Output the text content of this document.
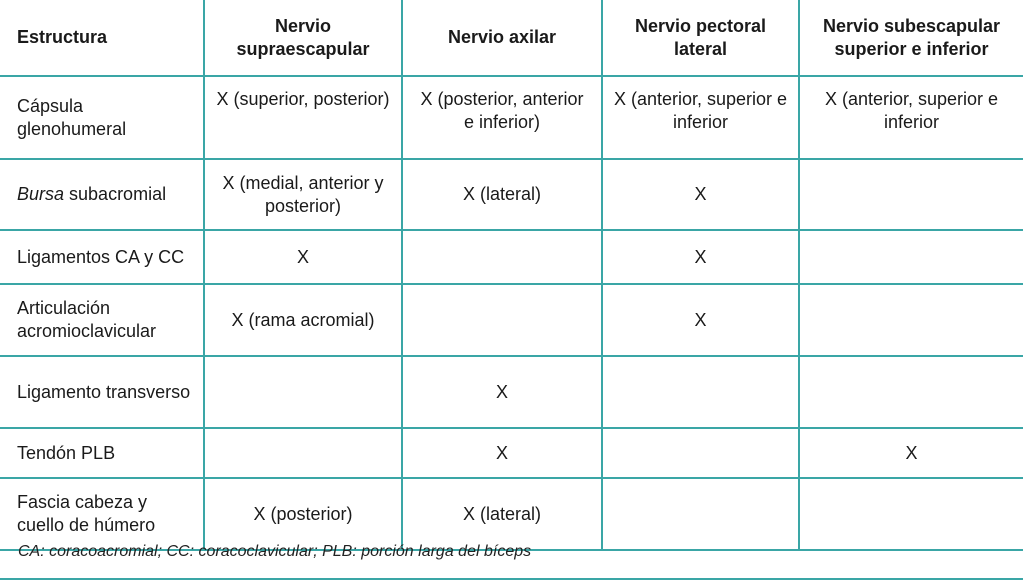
Estructura	Nervio supraescapular	Nervio axilar	Nervio pectoral lateral	Nervio subescapular superior e inferior
Cápsula glenohumeral	X (superior, posterior)	X (posterior, anterior e inferior)	X (anterior, superior e inferior	X (anterior, superior e inferior
Bursa subacromial	X (medial, anterior y posterior)	X (lateral)	X	
Ligamentos CA y CC	X		X	
Articulación acromioclavicular	X (rama acromial)		X	
Ligamento transverso		X		
Tendón PLB		X		X
Fascia cabeza y cuello de húmero	X (posterior)	X (lateral)		
CA: coracoacromial; CC: coracoclavicular; PLB: porción larga del bíceps
